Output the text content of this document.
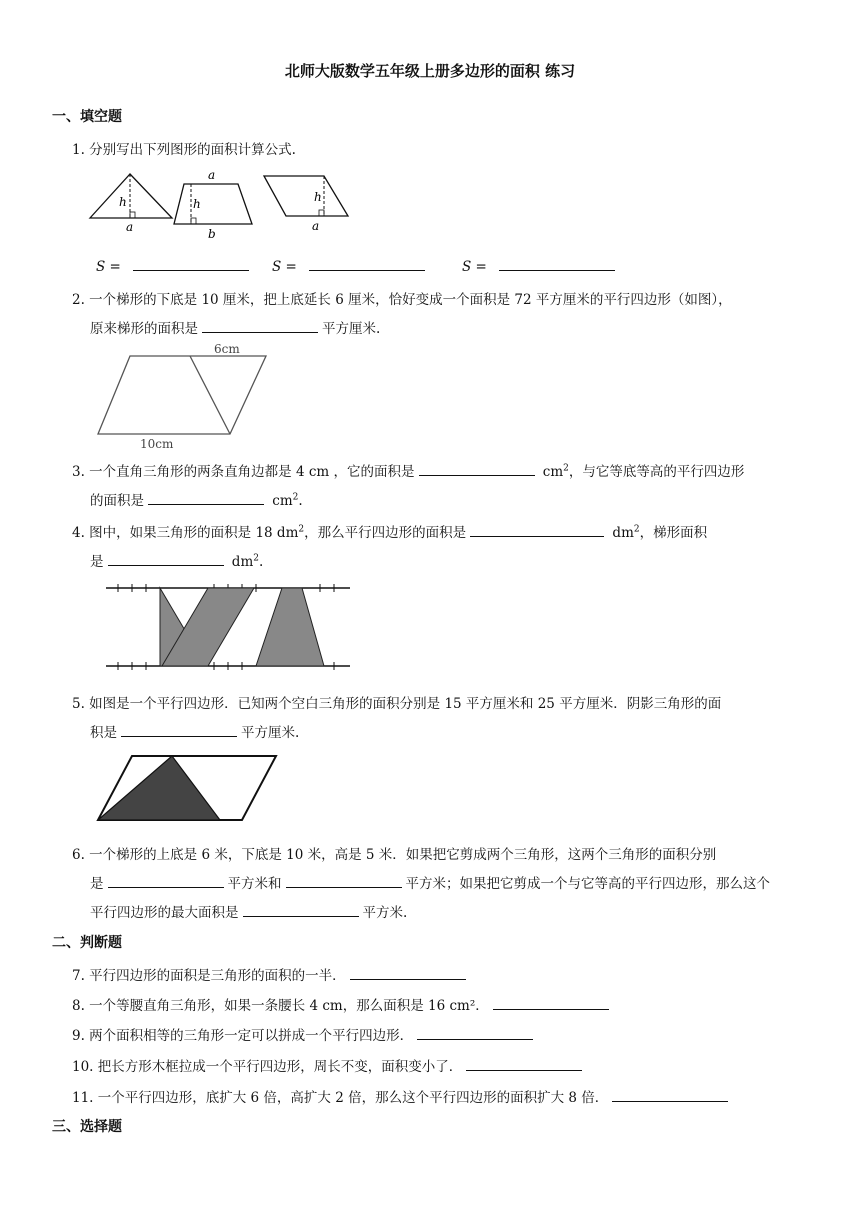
北师大版数学五年级上册多边形的面积 练习
一、填空题
1. 分别写出下列图形的面积计算公式.
h
a
h
a
b
h
a
S =	S =	S =
2. 一个梯形的下底是 10 厘米，把上底延长 6 厘米，恰好变成一个面积是 72 平方厘米的平行四边形（如图），
原来梯形的面积是	平方厘米.
6cm
10cm
3. 一个直角三角形的两条直角边都是 4 cm ，它的面积是	$cm^2$，与它等底等高的平行四边形
的面积是	$cm^2$.
4. 图中，如果三角形的面积是 18 $dm^2$，那么平行四边形的面积是	$dm^2$，梯形面积
是	$dm^2$.
5. 如图是一个平行四边形．已知两个空白三角形的面积分别是 15 平方厘米和 25 平方厘米．阴影三角形的面
积是	平方厘米.
6. 一个梯形的上底是 6 米，下底是 10 米，高是 5 米．如果把它剪成两个三角形，这两个三角形的面积分别
是	平方米和	平方米；如果把它剪成一个与它等高的平行四边形，那么这个
平行四边形的最大面积是	平方米.
二、判断题
7. 平行四边形的面积是三角形的面积的一半．
8. 一个等腰直角三角形，如果一条腰长 4 cm，那么面积是 16 cm²．
9. 两个面积相等的三角形一定可以拼成一个平行四边形．
10. 把长方形木框拉成一个平行四边形，周长不变，面积变小了．
11. 一个平行四边形，底扩大 6 倍，高扩大 2 倍，那么这个平行四边形的面积扩大 8 倍．
三、选择题
